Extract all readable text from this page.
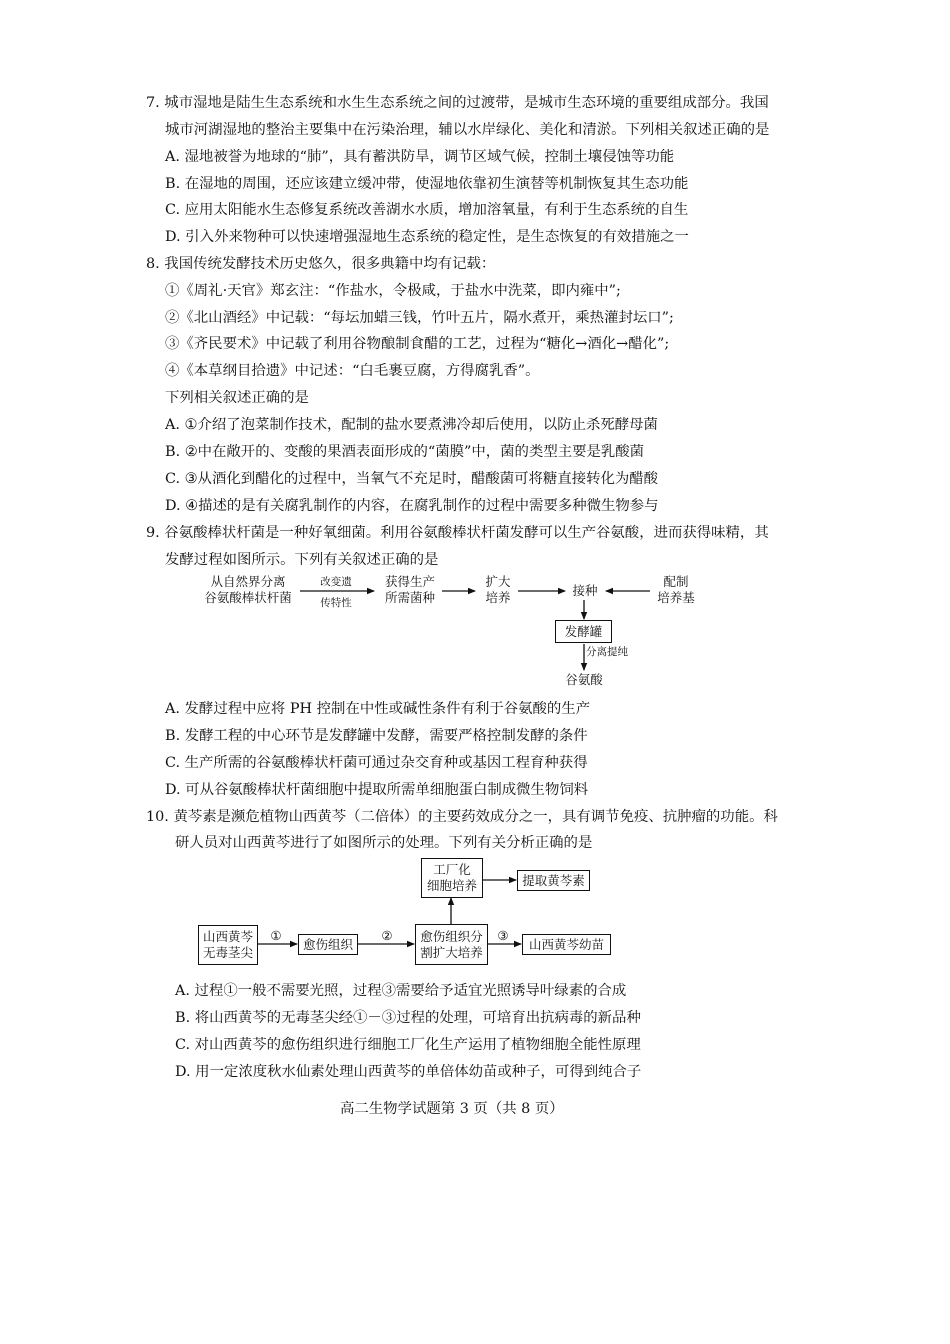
7. 城市湿地是陆生生态系统和水生生态系统之间的过渡带，是城市生态环境的重要组成部分。我国
城市河湖湿地的整治主要集中在污染治理，辅以水岸绿化、美化和清淤。下列相关叙述正确的是
A. 湿地被誉为地球的“肺”，具有蓄洪防旱，调节区域气候，控制土壤侵蚀等功能
B. 在湿地的周围，还应该建立缓冲带，使湿地依靠初生演替等机制恢复其生态功能
C. 应用太阳能水生态修复系统改善湖水水质，增加溶氧量，有利于生态系统的自生
D. 引入外来物种可以快速增强湿地生态系统的稳定性，是生态恢复的有效措施之一
8. 我国传统发酵技术历史悠久，很多典籍中均有记载：
①《周礼·天官》郑玄注：“作盐水，令极咸，于盐水中洗菜，即内雍中”;
②《北山酒经》中记载：“每坛加蜡三钱，竹叶五片，隔水煮开，乘热灌封坛口”;
③《齐民要术》中记载了利用谷物酿制食醋的工艺，过程为“糖化→酒化→醋化”;
④《本草纲目拾遗》中记述：“白毛裹豆腐，方得腐乳香”。
下列相关叙述正确的是
A. ①介绍了泡菜制作技术，配制的盐水要煮沸冷却后使用，以防止杀死酵母菌
B. ②中在敞开的、变酸的果酒表面形成的“菌膜”中，菌的类型主要是乳酸菌
C. ③从酒化到醋化的过程中，当氧气不充足时，醋酸菌可将糖直接转化为醋酸
D. ④描述的是有关腐乳制作的内容，在腐乳制作的过程中需要多种微生物参与
9. 谷氨酸棒状杆菌是一种好氧细菌。利用谷氨酸棒状杆菌发酵可以生产谷氨酸，进而获得味精，其
发酵过程如图所示。下列有关叙述正确的是
从自然界分离
谷氨酸棒状杆菌
改变遗
传特性
获得生产
所需菌种
扩大
培养	接种
配制
培养基
发酵罐
分离提纯
谷氨酸
A. 发酵过程中应将 PH 控制在中性或碱性条件有利于谷氨酸的生产
B. 发酵工程的中心环节是发酵罐中发酵，需要严格控制发酵的条件
C. 生产所需的谷氨酸棒状杆菌可通过杂交育种或基因工程育种获得
D. 可从谷氨酸棒状杆菌细胞中提取所需单细胞蛋白制成微生物饲料
10. 黄芩素是濒危植物山西黄芩（二倍体）的主要药效成分之一，具有调节免疫、抗肿瘤的功能。科
研人员对山西黄芩进行了如图所示的处理。下列有关分析正确的是
山西黄芩
无毒茎尖
①
愈伤组织
②	愈伤组织分
割扩大培养
③
山西黄芩幼苗
工厂化
细胞培养	提取黄芩素
A. 过程①一般不需要光照，过程③需要给予适宜光照诱导叶绿素的合成
B. 将山西黄芩的无毒茎尖经①－③过程的处理，可培育出抗病毒的新品种
C. 对山西黄芩的愈伤组织进行细胞工厂化生产运用了植物细胞全能性原理
D. 用一定浓度秋水仙素处理山西黄芩的单倍体幼苗或种子，可得到纯合子
高二生物学试题第 3 页（共 8 页）
